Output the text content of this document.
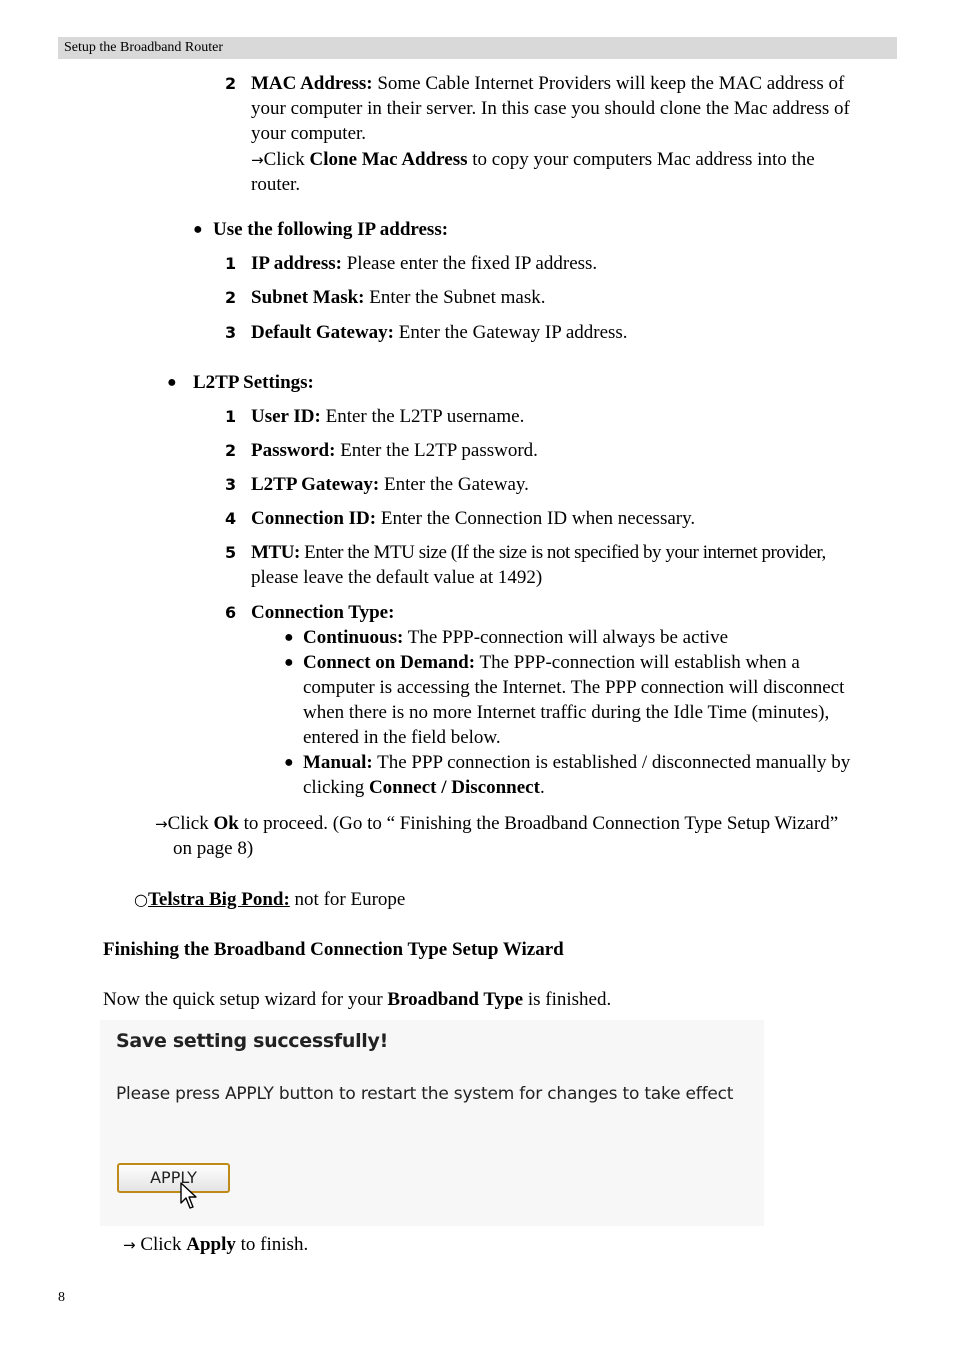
Setup the Broadband Router
2 MAC Address: Some Cable Internet Providers will keep the MAC address of
your computer in their server. In this case you should clone the Mac address of
your computer.
→Click Clone Mac Address to copy your computers Mac address into the
router.
● Use the following IP address:
1 IP address: Please enter the fixed IP address.
2 Subnet Mask: Enter the Subnet mask.
3 Default Gateway: Enter the Gateway IP address.
● L2TP Settings:
1 User ID: Enter the L2TP username.
2 Password: Enter the L2TP password.
3 L2TP Gateway: Enter the Gateway.
4 Connection ID: Enter the Connection ID when necessary.
5 MTU: Enter the MTU size (If the size is not specified by your internet provider,
please leave the default value at 1492)
6 Connection Type:
● Continuous: The PPP-connection will always be active
● Connect on Demand: The PPP-connection will establish when a
computer is accessing the Internet. The PPP connection will disconnect
when there is no more Internet traffic during the Idle Time (minutes),
entered in the field below.
● Manual: The PPP connection is established / disconnected manually by
clicking Connect / Disconnect.
→Click Ok to proceed. (Go to “ Finishing the Broadband Connection Type Setup Wizard”
on page 8)
○Telstra Big Pond: not for Europe
Finishing the Broadband Connection Type Setup Wizard
Now the quick setup wizard for your Broadband Type is finished.
Save setting successfully!
Please press APPLY button to restart the system for changes to take effect
APPLY
→ Click Apply to finish.
8
